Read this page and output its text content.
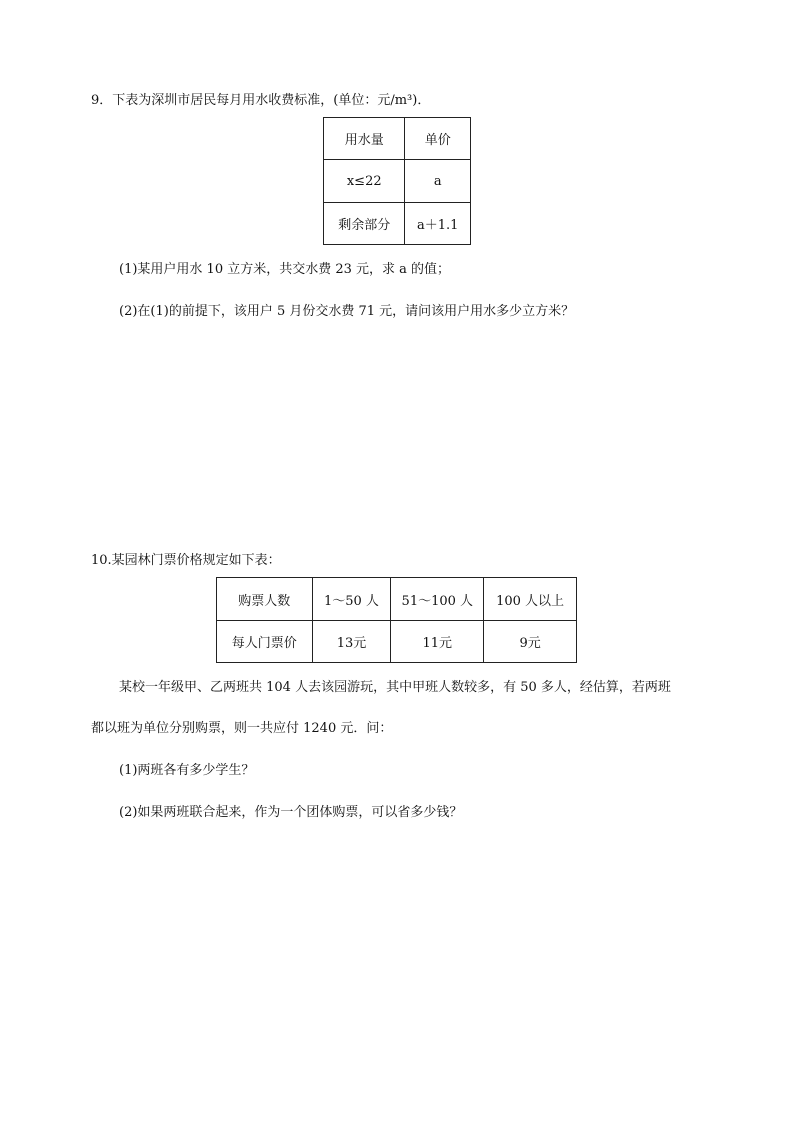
9．下表为深圳市居民每月用水收费标准，(单位：元/m³)．
用水量	单价
x≤22	a
剩余部分	a＋1.1
(1)某用户用水 10 立方米，共交水费 23 元，求 a 的值；
(2)在(1)的前提下，该用户 5 月份交水费 71 元，请问该用户用水多少立方米？
10.某园林门票价格规定如下表：
购票人数	1～50 人	51～100 人	100 人以上
每人门票价	13元	11元	9元
某校一年级甲、乙两班共 104 人去该园游玩，其中甲班人数较多，有 50 多人，经估算，若两班
都以班为单位分别购票，则一共应付 1240 元．问：
(1)两班各有多少学生？
(2)如果两班联合起来，作为一个团体购票，可以省多少钱？
